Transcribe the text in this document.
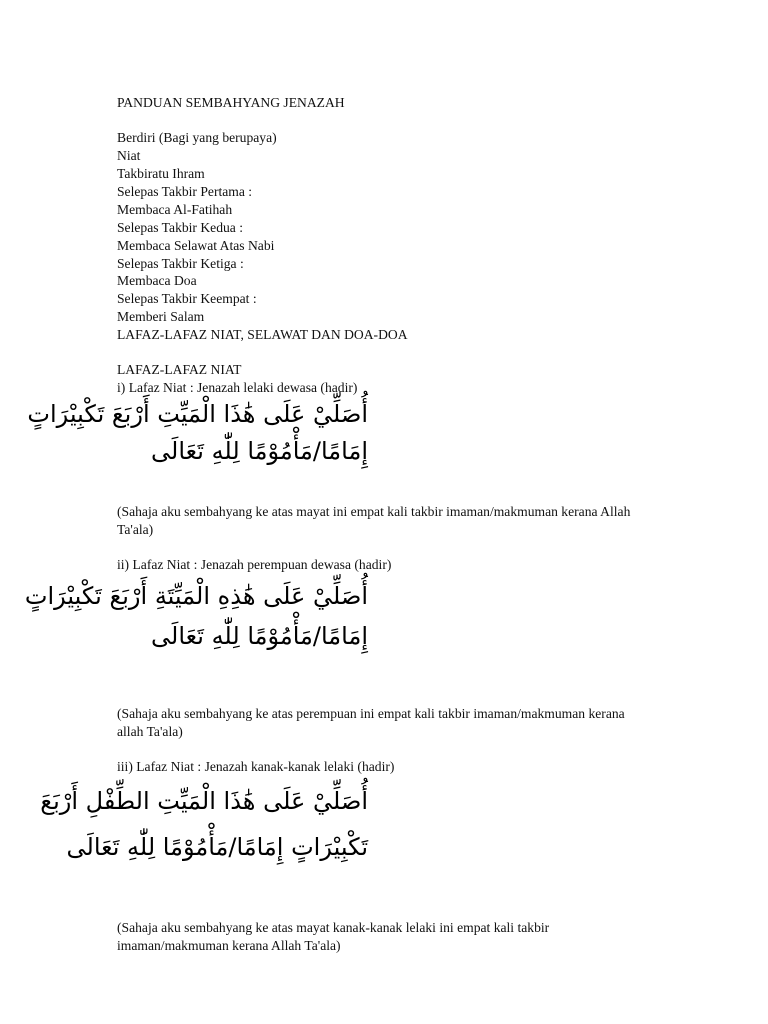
PANDUAN SEMBAHYANG JENAZAH
Berdiri (Bagi yang berupaya)
Niat
Takbiratu Ihram
Selepas Takbir Pertama :
Membaca Al-Fatihah
Selepas Takbir Kedua :
Membaca Selawat Atas Nabi
Selepas Takbir Ketiga :
Membaca Doa
Selepas Takbir Keempat :
Memberi Salam
LAFAZ-LAFAZ NIAT, SELAWAT DAN DOA-DOA
LAFAZ-LAFAZ NIAT
i) Lafaz Niat : Jenazah lelaki dewasa (hadir)
أُصَلِّيْ عَلَى هَٰذَا الْمَيِّتِ أَرْبَعَ تَكْبِيْرَاتٍ
إِمَامًا/مَأْمُوْمًا لِلّٰهِ تَعَالَى
(Sahaja aku sembahyang ke atas mayat ini empat kali takbir imaman/makmuman kerana Allah Ta'ala)
ii) Lafaz Niat : Jenazah perempuan dewasa (hadir)
أُصَلِّيْ عَلَى هَٰذِهِ الْمَيِّتَةِ أَرْبَعَ تَكْبِيْرَاتٍ
إِمَامًا/مَأْمُوْمًا لِلّٰهِ تَعَالَى
(Sahaja aku sembahyang ke atas perempuan ini empat kali takbir imaman/makmuman kerana allah Ta'ala)
iii) Lafaz Niat : Jenazah kanak-kanak lelaki (hadir)
أُصَلِّيْ عَلَى هَٰذَا الْمَيِّتِ الطِّفْلِ أَرْبَعَ
تَكْبِيْرَاتٍ إِمَامًا/مَأْمُوْمًا لِلّٰهِ تَعَالَى
(Sahaja aku sembahyang ke atas mayat kanak-kanak lelaki ini empat kali takbir imaman/makmuman kerana Allah Ta'ala)
